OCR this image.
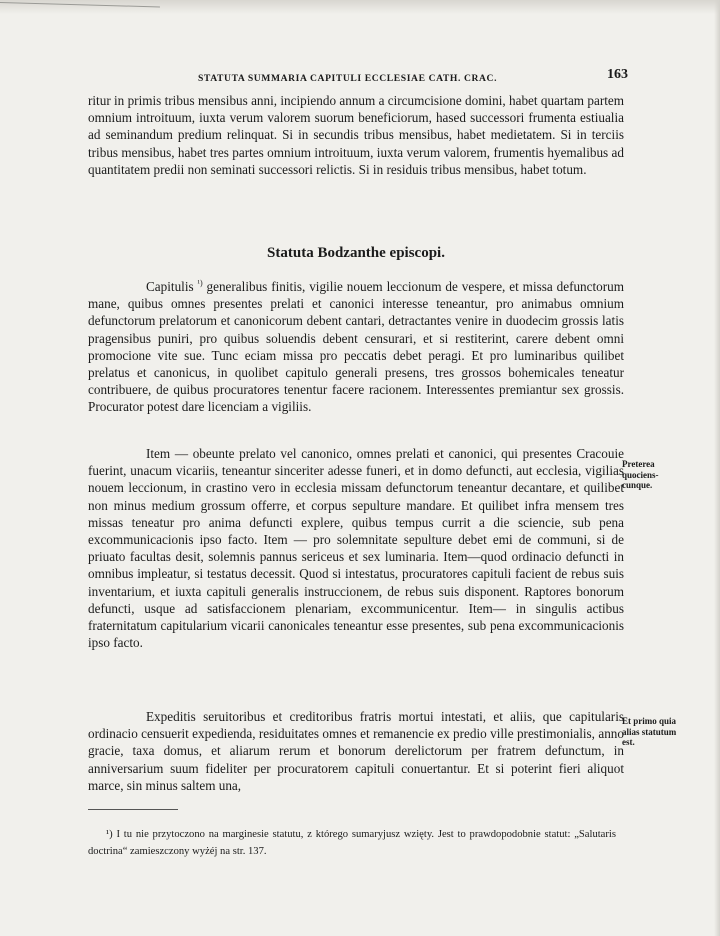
STATUTA SUMMARIA CAPITULI ECCLESIAE CATH. CRAC.	163

ritur in primis tribus mensibus anni, incipiendo annum a circumcisione domini, habet quartam partem omnium introituum, iuxta verum valorem suorum beneficiorum, hased successori frumenta estiualia ad seminandum predium relinquat. Si in secundis tribus mensibus, habet medietatem. Si in terciis tribus mensibus, habet tres partes omnium introituum, iuxta verum valorem, frumentis hyemalibus ad quantitatem predii non seminati successori relictis. Si in residuis tribus mensibus, habet totum.

Statuta Bodzanthe episcopi.

Capitulis $^{^1)}$ generalibus finitis, vigilie nouem leccionum de vespere, et missa defunctorum mane, quibus omnes presentes prelati et canonici interesse teneantur, pro animabus omnium defunctorum prelatorum et canonicorum debent cantari, detractantes venire in duodecim grossis latis pragensibus puniri, pro quibus soluendis debent censurari, et si restiterint, carere debent omni promocione vite sue. Tunc eciam missa pro peccatis debet peragi. Et pro luminaribus quilibet prelatus et canonicus, in quolibet capitulo generali presens, tres grossos bohemicales teneatur contribuere, de quibus procuratores tenentur facere racionem. Interessentes premiantur sex grossis. Procurator potest dare licenciam a vigiliis.

Item — obeunte prelato vel canonico, omnes prelati et canonici, qui presentes Cracouie fuerint, unacum vicariis, teneantur sinceriter adesse funeri, et in domo defuncti, aut ecclesia, vigilias nouem leccionum, in crastino vero in ecclesia missam defunctorum teneantur decantare, et quilibet non minus medium grossum offerre, et corpus sepulture mandare. Et quilibet infra mensem tres missas teneatur pro anima defuncti explere, quibus tempus currit a die sciencie, sub pena excommunicacionis ipso facto. Item — pro solemnitate sepulture debet emi de communi, si de priuato facultas desit, solemnis pannus sericeus et sex luminaria. Item—quod ordinacio defuncti in omnibus impleatur, si testatus decessit. Quod si intestatus, procuratores capituli facient de rebus suis inventarium, et iuxta capituli generalis instruccionem, de rebus suis disponent. Raptores bonorum defuncti, usque ad satisfaccionem plenariam, excommunicentur. Item— in singulis actibus fraternitatum capitularium vicarii canonicales teneantur esse presentes, sub pena excommunicacionis ipso facto.

Preterea quociens-cunque.

Expeditis seruitoribus et creditoribus fratris mortui intestati, et aliis, que capitularis ordinacio censuerit expedienda, residuitates omnes et remanencie ex predio ville prestimonialis, anno gracie, taxa domus, et aliarum rerum et bonorum derelictorum per fratrem defunctum, in anniversarium suum fideliter per procuratorem capituli conuertantur. Et si poterint fieri aliquot marce, sin minus saltem una,

Et primo quia alias statutum est.
¹) I tu nie przytoczono na marginesie statutu, z którego sumaryjusz wzięty. Jest to prawdopodobnie statut: „Salutaris doctrina“ zamieszczony wyżéj na str. 137.
